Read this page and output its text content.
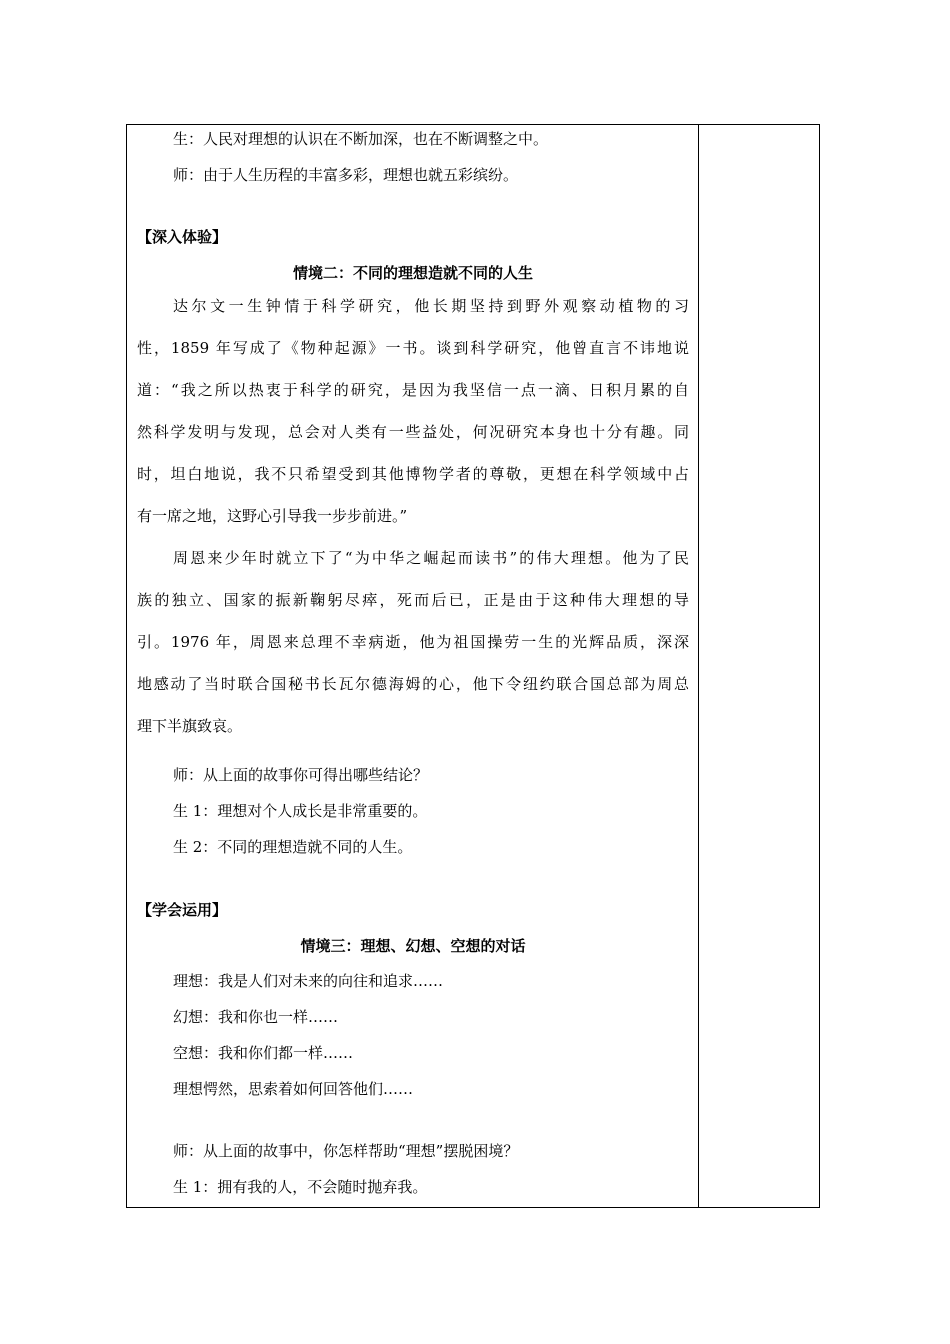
生：人民对理想的认识在不断加深，也在不断调整之中。
师：由于人生历程的丰富多彩，理想也就五彩缤纷。
【深入体验】
情境二：不同的理想造就不同的人生
达尔文一生钟情于科学研究，他长期坚持到野外观察动植物的习
性，1859 年写成了《物种起源》一书。谈到科学研究，他曾直言不讳地说
道：“我之所以热衷于科学的研究，是因为我坚信一点一滴、日积月累的自
然科学发明与发现，总会对人类有一些益处，何况研究本身也十分有趣。同
时，坦白地说，我不只希望受到其他博物学者的尊敬，更想在科学领域中占
有一席之地，这野心引导我一步步前进。”
周恩来少年时就立下了“为中华之崛起而读书”的伟大理想。他为了民
族的独立、国家的振新鞠躬尽瘁，死而后已，正是由于这种伟大理想的导
引。1976 年，周恩来总理不幸病逝，他为祖国操劳一生的光辉品质，深深
地感动了当时联合国秘书长瓦尔德海姆的心，他下令纽约联合国总部为周总
理下半旗致哀。
师：从上面的故事你可得出哪些结论？
生 1：理想对个人成长是非常重要的。
生 2：不同的理想造就不同的人生。
【学会运用】
情境三：理想、幻想、空想的对话
理想：我是人们对未来的向往和追求……
幻想：我和你也一样……
空想：我和你们都一样……
理想愕然，思索着如何回答他们……
师：从上面的故事中，你怎样帮助“理想”摆脱困境？
生 1：拥有我的人，不会随时抛弃我。
